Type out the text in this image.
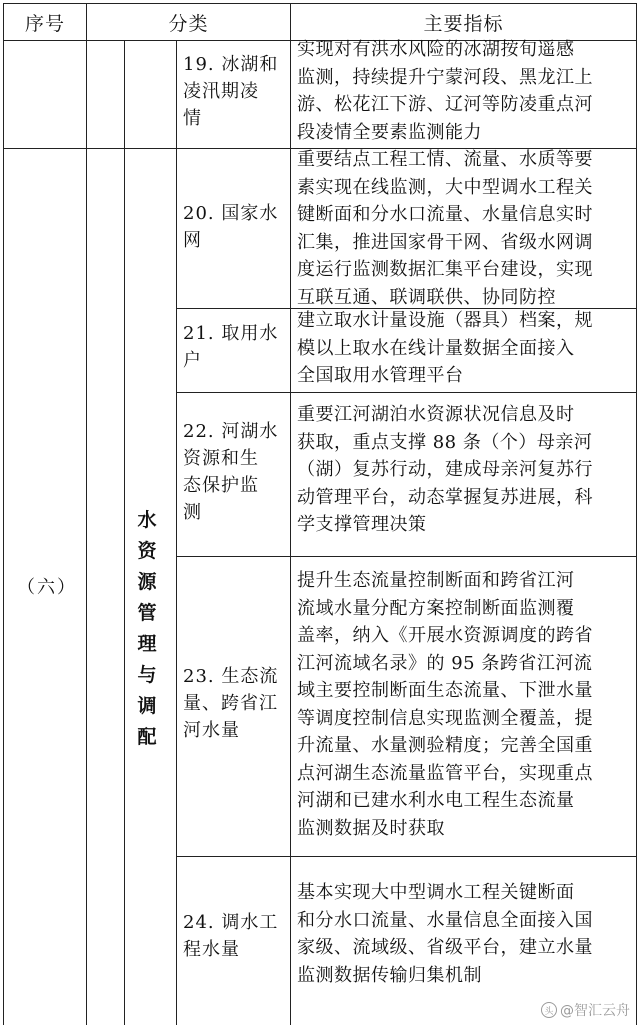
序号	分类	主要指标
（六）
水
资
源
管
理
与
调
配
19. 冰湖和
凌汛期凌
情
实现对有洪水风险的冰湖按旬遥感
监测，持续提升宁蒙河段、黑龙江上
游、松花江下游、辽河等防凌重点河
段凌情全要素监测能力
20. 国家水
网
重要结点工程工情、流量、水质等要
素实现在线监测，大中型调水工程关
键断面和分水口流量、水量信息实时
汇集，推进国家骨干网、省级水网调
度运行监测数据汇集平台建设，实现
互联互通、联调联供、协同防控
21. 取用水
户
建立取水计量设施（器具）档案，规
模以上取水在线计量数据全面接入
全国取用水管理平台
22. 河湖水
资源和生
态保护监
测
重要江河湖泊水资源状况信息及时
获取，重点支撑 88 条（个）母亲河
（湖）复苏行动，建成母亲河复苏行
动管理平台，动态掌握复苏进展，科
学支撑管理决策
23. 生态流
量、跨省江
河水量
提升生态流量控制断面和跨省江河
流域水量分配方案控制断面监测覆
盖率，纳入《开展水资源调度的跨省
江河流域名录》的 95 条跨省江河流
域主要控制断面生态流量、下泄水量
等调度控制信息实现监测全覆盖，提
升流量、水量测验精度；完善全国重
点河湖生态流量监管平台，实现重点
河湖和已建水利水电工程生态流量
监测数据及时获取
24. 调水工
程水量
基本实现大中型调水工程关键断面
和分水口流量、水量信息全面接入国
家级、流域级、省级平台，建立水量
监测数据传输归集机制
头 @智汇云舟
